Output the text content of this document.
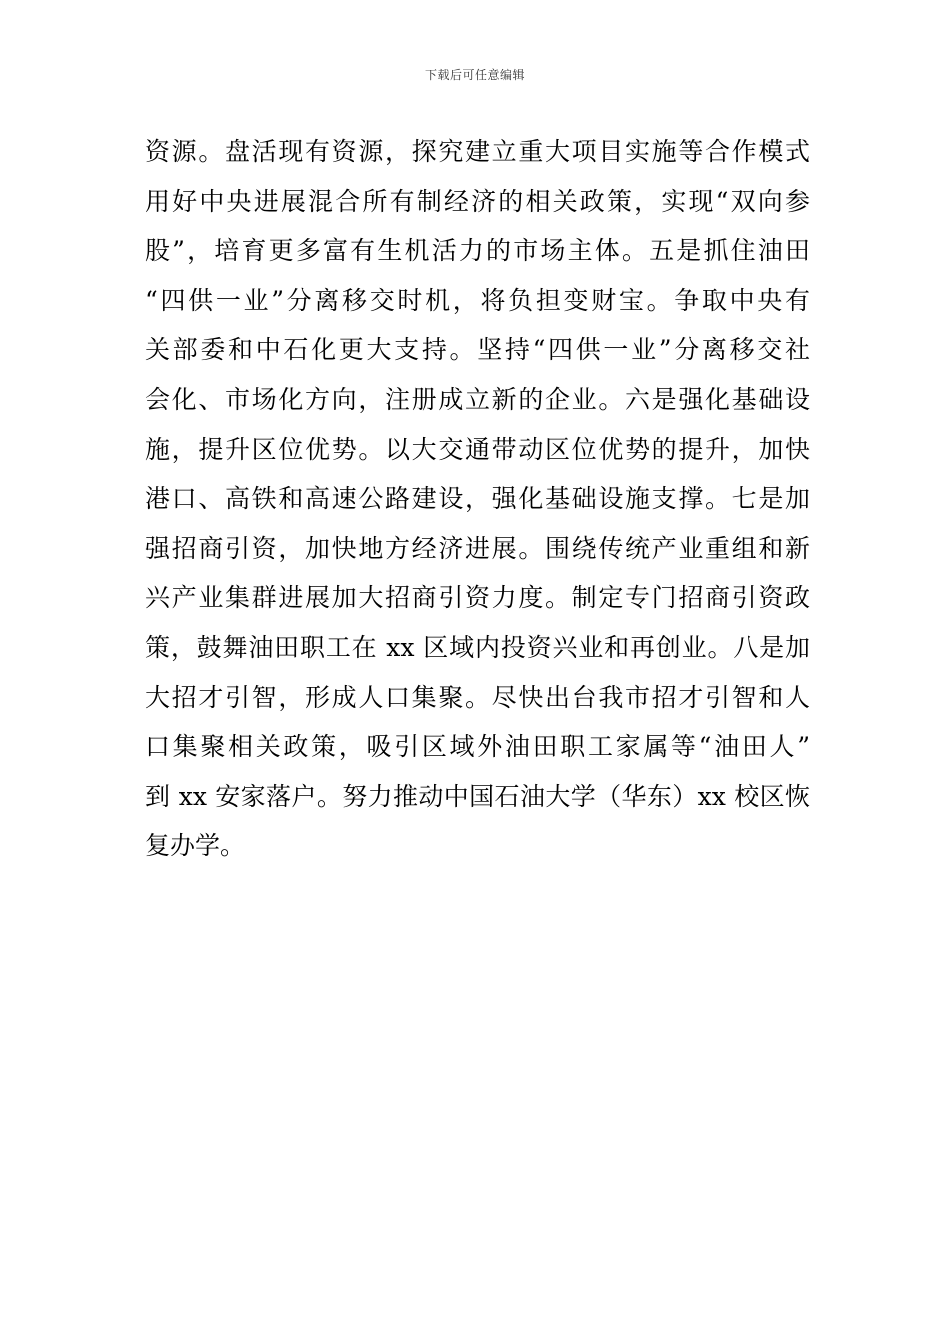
下载后可任意编辑
资源。盘活现有资源，探究建立重大项目实施等合作模式
用好中央进展混合所有制经济的相关政策，实现“双向参
股”，培育更多富有生机活力的市场主体。五是抓住油田
“四供一业”分离移交时机，将负担变财宝。争取中央有
关部委和中石化更大支持。坚持“四供一业”分离移交社
会化、市场化方向，注册成立新的企业。六是强化基础设
施，提升区位优势。以大交通带动区位优势的提升，加快
港口、高铁和高速公路建设，强化基础设施支撑。七是加
强招商引资，加快地方经济进展。围绕传统产业重组和新
兴产业集群进展加大招商引资力度。制定专门招商引资政
策，鼓舞油田职工在 xx 区域内投资兴业和再创业。八是加
大招才引智，形成人口集聚。尽快出台我市招才引智和人
口集聚相关政策，吸引区域外油田职工家属等“油田人”
到 xx 安家落户。努力推动中国石油大学（华东）xx 校区恢
复办学。
